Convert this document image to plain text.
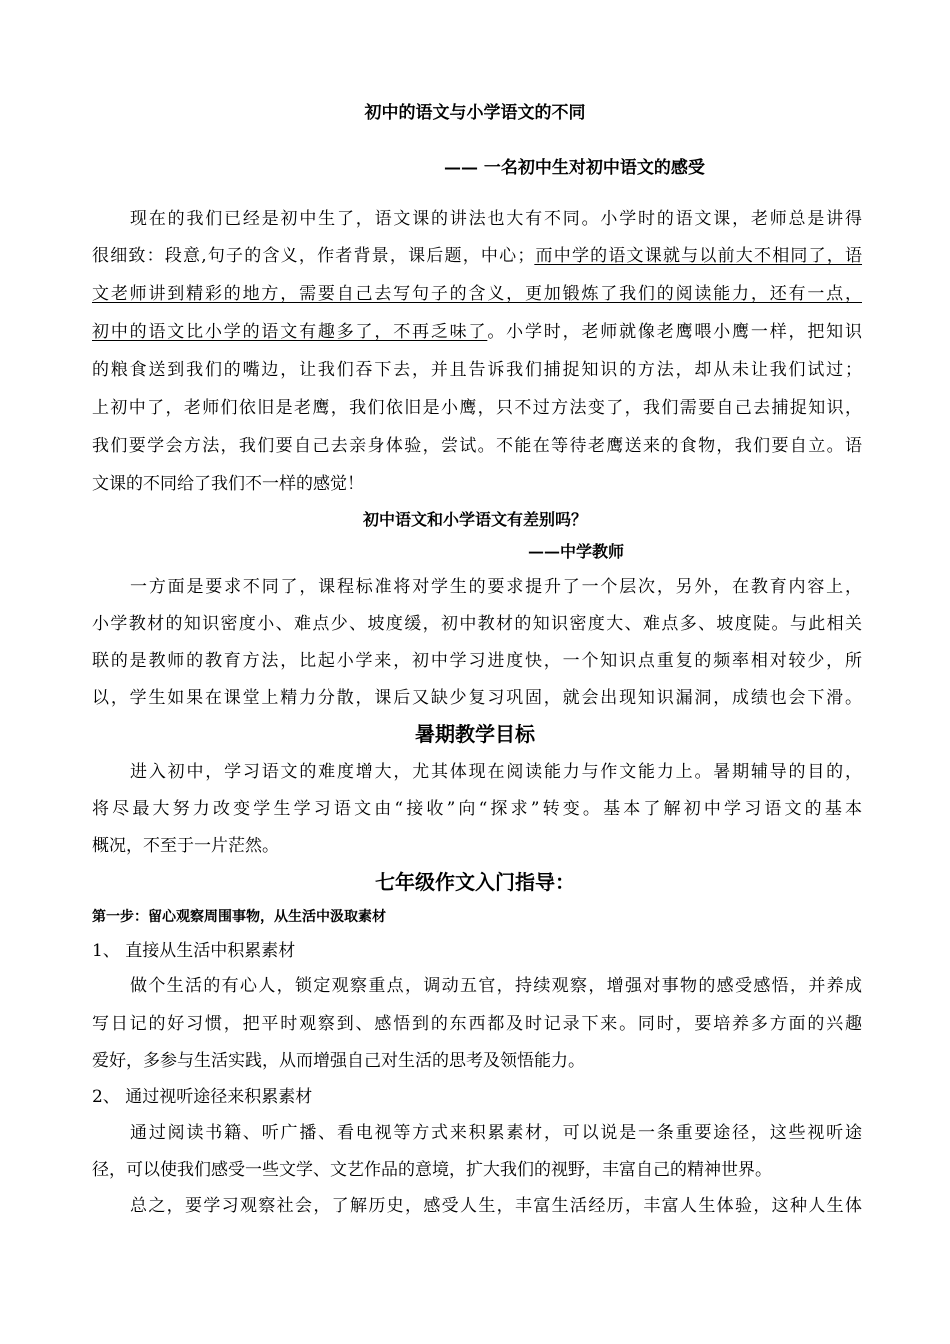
初中的语文与小学语文的不同
—— 一名初中生对初中语文的感受
现在的我们已经是初中生了，语文课的讲法也大有不同。小学时的语文课，老师总是讲得
很细致：段意,句子的含义，作者背景，课后题，中心；而中学的语文课就与以前大不相同了，语
文老师讲到精彩的地方，需要自己去写句子的含义，更加锻炼了我们的阅读能力，还有一点，
初中的语文比小学的语文有趣多了，不再乏味了。小学时，老师就像老鹰喂小鹰一样，把知识
的粮食送到我们的嘴边，让我们吞下去，并且告诉我们捕捉知识的方法，却从未让我们试过；
上初中了，老师们依旧是老鹰，我们依旧是小鹰，只不过方法变了，我们需要自己去捕捉知识，
我们要学会方法，我们要自己去亲身体验，尝试。不能在等待老鹰送来的食物，我们要自立。语
文课的不同给了我们不一样的感觉！
初中语文和小学语文有差别吗？
——中学教师
一方面是要求不同了，课程标准将对学生的要求提升了一个层次，另外，在教育内容上，
小学教材的知识密度小、难点少、坡度缓，初中教材的知识密度大、难点多、坡度陡。与此相关
联的是教师的教育方法，比起小学来，初中学习进度快，一个知识点重复的频率相对较少，所
以，学生如果在课堂上精力分散，课后又缺少复习巩固，就会出现知识漏洞，成绩也会下滑。
暑期教学目标
进入初中，学习语文的难度增大，尤其体现在阅读能力与作文能力上。暑期辅导的目的，
将尽最大努力改变学生学习语文由“接收”向“探求”转变。基本了解初中学习语文的基本
概况，不至于一片茫然。
七年级作文入门指导：
第一步：留心观察周围事物，从生活中汲取素材
1、 直接从生活中积累素材
做个生活的有心人，锁定观察重点，调动五官，持续观察，增强对事物的感受感悟，并养成
写日记的好习惯，把平时观察到、感悟到的东西都及时记录下来。同时，要培养多方面的兴趣
爱好，多参与生活实践，从而增强自己对生活的思考及领悟能力。
2、 通过视听途径来积累素材
通过阅读书籍、听广播、看电视等方式来积累素材，可以说是一条重要途径，这些视听途
径，可以使我们感受一些文学、文艺作品的意境，扩大我们的视野，丰富自己的精神世界。
总之，要学习观察社会，了解历史，感受人生，丰富生活经历，丰富人生体验，这种人生体
